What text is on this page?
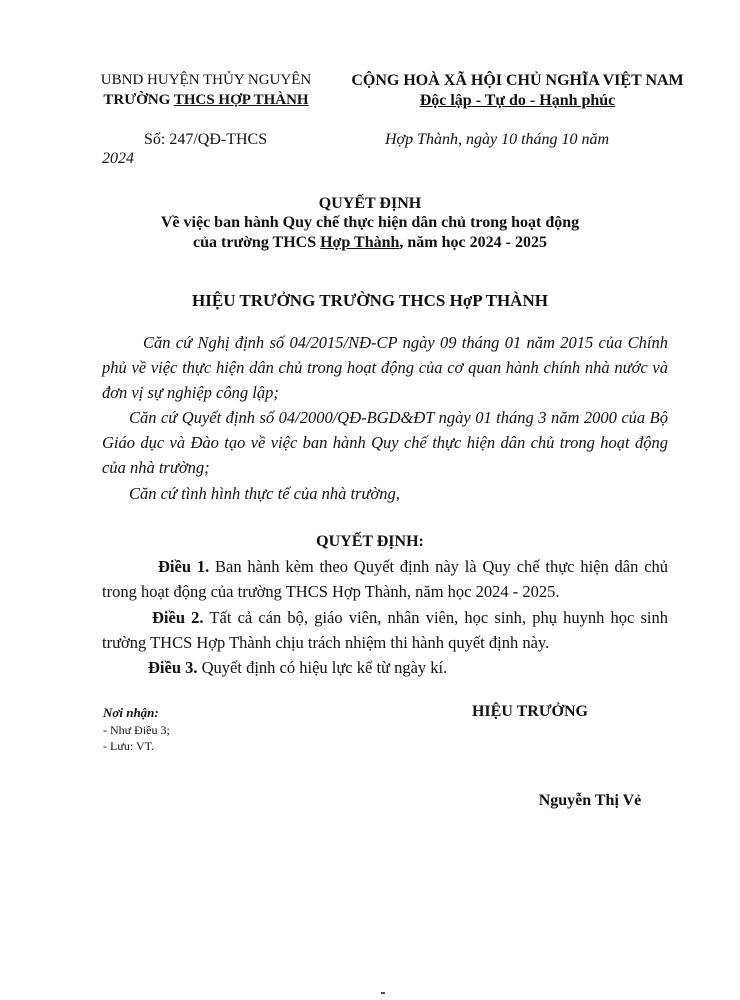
UBND HUYỆN THỦY NGUYÊN
TRƯỜNG THCS HỢP THÀNH
CỘNG HOÀ XÃ HỘI CHỦ NGHĨA VIỆT NAM
Độc lập - Tự do - Hạnh phúc
Số: 247/QĐ-THCS	Hợp Thành, ngày 10 tháng 10 năm
2024
QUYẾT ĐỊNH
Về việc ban hành Quy chế thực hiện dân chủ trong hoạt động
của trường THCS Hợp Thành, năm học 2024 - 2025
HIỆU TRƯỞNG TRƯỜNG THCS HợP THÀNH
Căn cứ Nghị định số 04/2015/NĐ-CP ngày 09 tháng 01 năm 2015 của Chính phủ về việc thực hiện dân chủ trong hoạt động của cơ quan hành chính nhà nước và đơn vị sự nghiệp công lập;
Căn cứ Quyết định số 04/2000/QĐ-BGD&ĐT ngày 01 tháng 3 năm 2000 của Bộ Giáo dục và Đào tạo về việc ban hành Quy chế thực hiện dân chủ trong hoạt động của nhà trường;
Căn cứ tình hình thực tế của nhà trường,
QUYẾT ĐỊNH:
Điều 1. Ban hành kèm theo Quyết định này là Quy chế thực hiện dân chủ trong hoạt động của trường THCS Hợp Thành, năm học 2024 - 2025.
Điều 2. Tất cả cán bộ, giáo viên, nhân viên, học sinh, phụ huynh học sinh trường THCS Hợp Thành chịu trách nhiệm thi hành quyết định này.
Điều 3. Quyết định có hiệu lực kể từ ngày kí.
Nơi nhận:
- Như Điều 3;
- Lưu: VT.
HIỆU TRƯỞNG
Nguyễn Thị Vẻ
